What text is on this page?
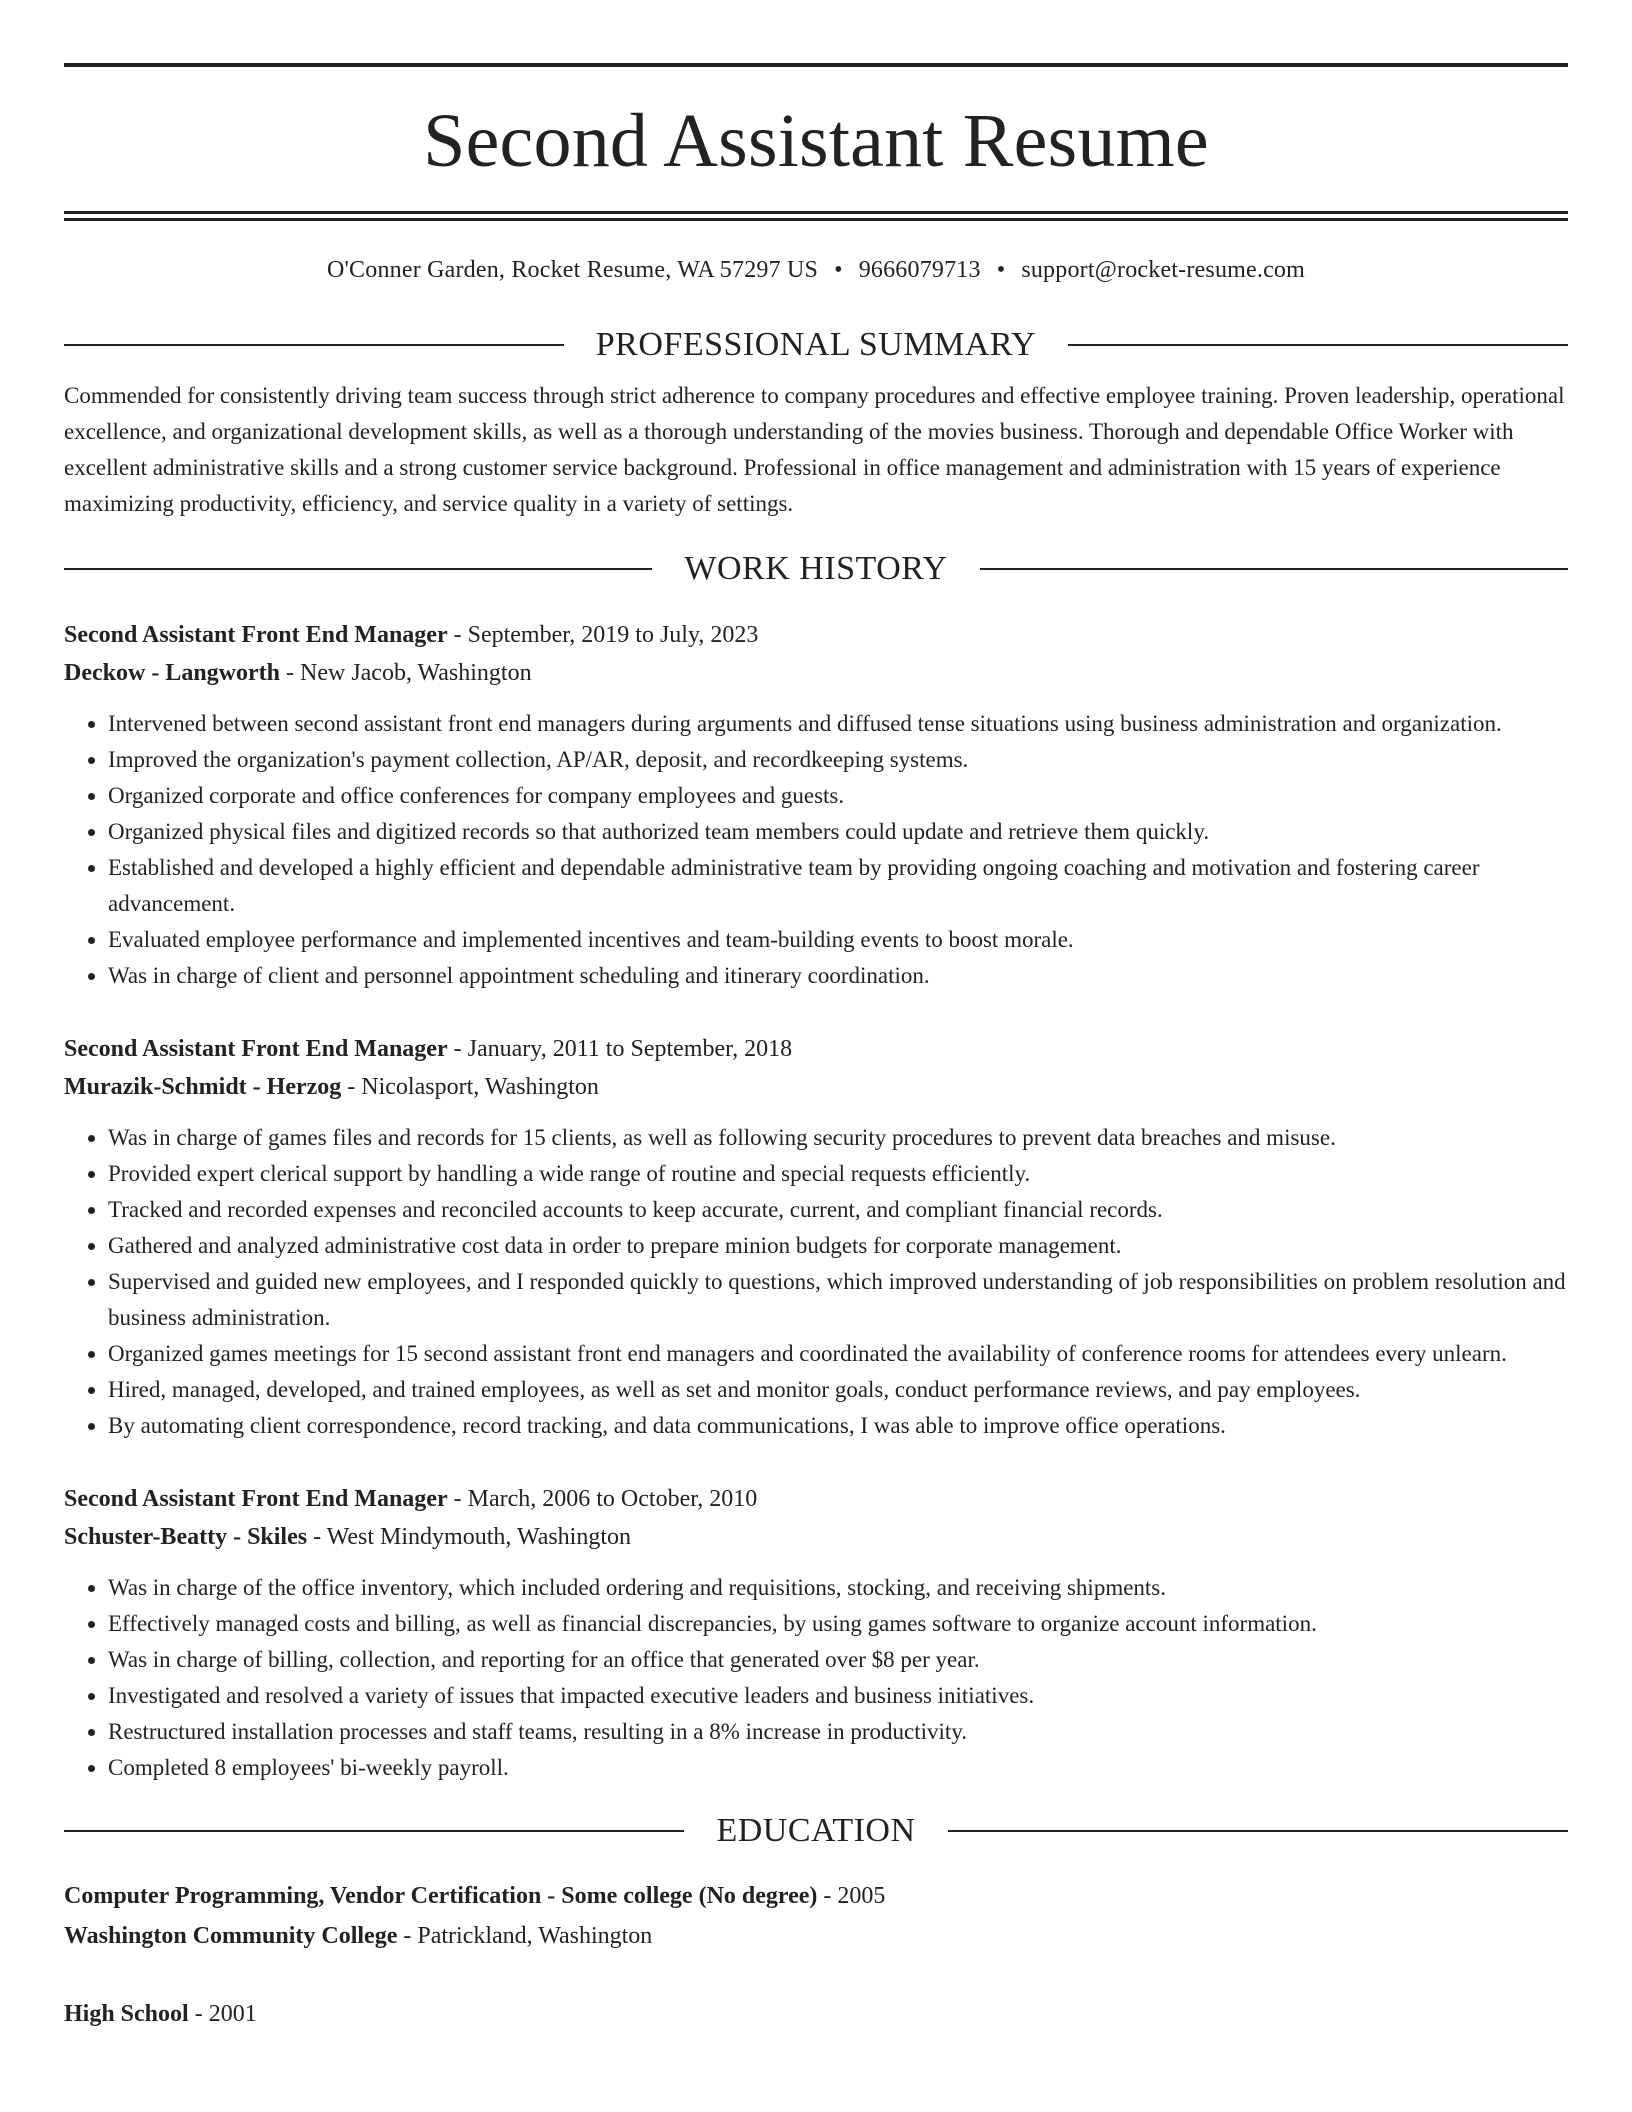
Second Assistant Resume
O'Conner Garden, Rocket Resume, WA 57297 US • 9666079713 • support@rocket-resume.com
PROFESSIONAL SUMMARY
Commended for consistently driving team success through strict adherence to company procedures and effective employee training. Proven leadership, operational excellence, and organizational development skills, as well as a thorough understanding of the movies business. Thorough and dependable Office Worker with excellent administrative skills and a strong customer service background. Professional in office management and administration with 15 years of experience maximizing productivity, efficiency, and service quality in a variety of settings.
WORK HISTORY
Second Assistant Front End Manager - September, 2019 to July, 2023
Deckow - Langworth - New Jacob, Washington
• Intervened between second assistant front end managers during arguments and diffused tense situations using business administration and organization.
• Improved the organization's payment collection, AP/AR, deposit, and recordkeeping systems.
• Organized corporate and office conferences for company employees and guests.
• Organized physical files and digitized records so that authorized team members could update and retrieve them quickly.
• Established and developed a highly efficient and dependable administrative team by providing ongoing coaching and motivation and fostering career advancement.
• Evaluated employee performance and implemented incentives and team-building events to boost morale.
• Was in charge of client and personnel appointment scheduling and itinerary coordination.
Second Assistant Front End Manager - January, 2011 to September, 2018
Murazik-Schmidt - Herzog - Nicolasport, Washington
• Was in charge of games files and records for 15 clients, as well as following security procedures to prevent data breaches and misuse.
• Provided expert clerical support by handling a wide range of routine and special requests efficiently.
• Tracked and recorded expenses and reconciled accounts to keep accurate, current, and compliant financial records.
• Gathered and analyzed administrative cost data in order to prepare minion budgets for corporate management.
• Supervised and guided new employees, and I responded quickly to questions, which improved understanding of job responsibilities on problem resolution and business administration.
• Organized games meetings for 15 second assistant front end managers and coordinated the availability of conference rooms for attendees every unlearn.
• Hired, managed, developed, and trained employees, as well as set and monitor goals, conduct performance reviews, and pay employees.
• By automating client correspondence, record tracking, and data communications, I was able to improve office operations.
Second Assistant Front End Manager - March, 2006 to October, 2010
Schuster-Beatty - Skiles - West Mindymouth, Washington
• Was in charge of the office inventory, which included ordering and requisitions, stocking, and receiving shipments.
• Effectively managed costs and billing, as well as financial discrepancies, by using games software to organize account information.
• Was in charge of billing, collection, and reporting for an office that generated over $8 per year.
• Investigated and resolved a variety of issues that impacted executive leaders and business initiatives.
• Restructured installation processes and staff teams, resulting in a 8% increase in productivity.
• Completed 8 employees' bi-weekly payroll.
EDUCATION
Computer Programming, Vendor Certification - Some college (No degree) - 2005
Washington Community College - Patrickland, Washington
High School - 2001
